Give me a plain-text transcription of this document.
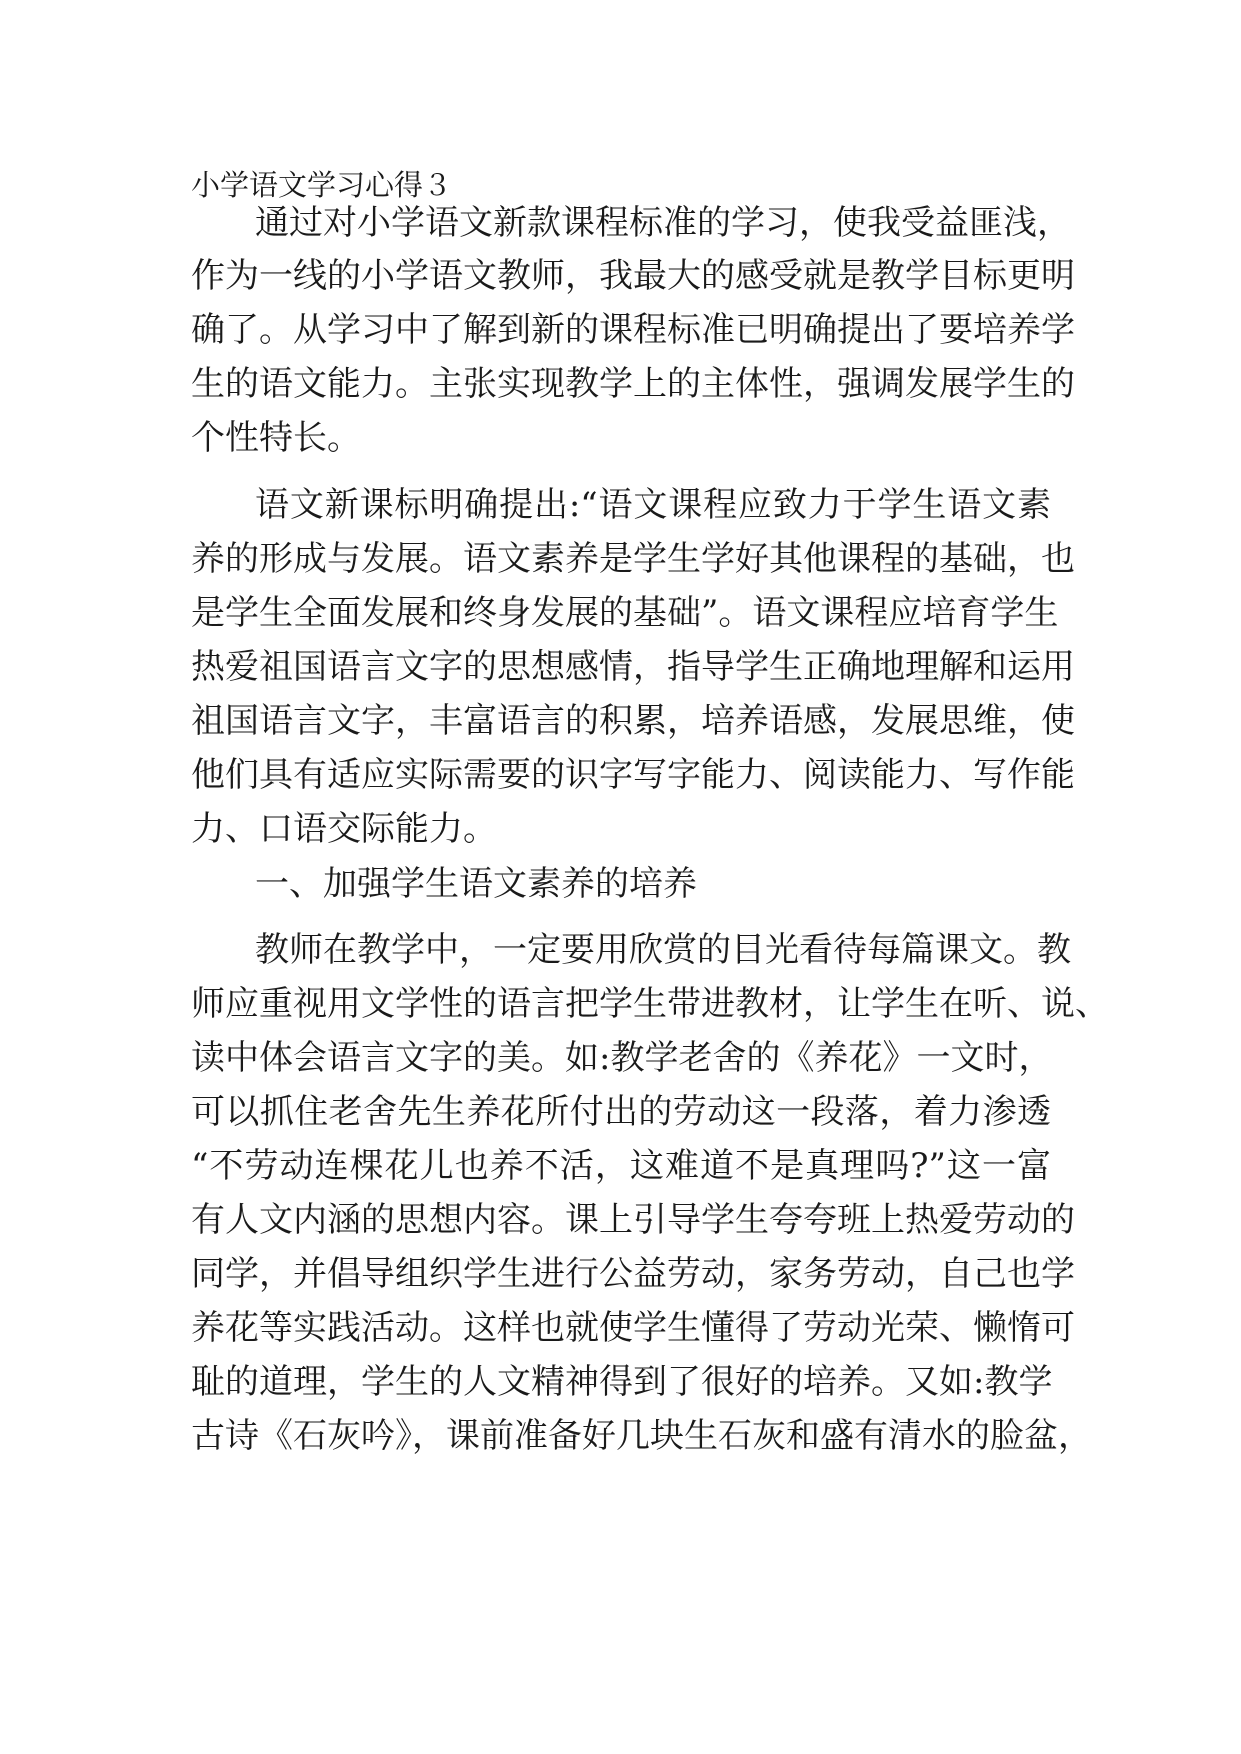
小学语文学习心得３
通过对小学语文新款课程标准的学习，使我受益匪浅，
作为一线的小学语文教师，我最大的感受就是教学目标更明
确了。从学习中了解到新的课程标准已明确提出了要培养学
生的语文能力。主张实现教学上的主体性，强调发展学生的
个性特长。
语文新课标明确提出:“语文课程应致力于学生语文素
养的形成与发展。语文素养是学生学好其他课程的基础，也
是学生全面发展和终身发展的基础”。语文课程应培育学生
热爱祖国语言文字的思想感情，指导学生正确地理解和运用
祖国语言文字，丰富语言的积累，培养语感，发展思维，使
他们具有适应实际需要的识字写字能力、阅读能力、写作能
力、口语交际能力。
一、加强学生语文素养的培养
教师在教学中，一定要用欣赏的目光看待每篇课文。教
师应重视用文学性的语言把学生带进教材，让学生在听、说、
读中体会语言文字的美。如:教学老舍的《养花》一文时，
可以抓住老舍先生养花所付出的劳动这一段落，着力渗透
“不劳动连棵花儿也养不活，这难道不是真理吗?”这一富
有人文内涵的思想内容。课上引导学生夸夸班上热爱劳动的
同学，并倡导组织学生进行公益劳动，家务劳动，自己也学
养花等实践活动。这样也就使学生懂得了劳动光荣、懒惰可
耻的道理，学生的人文精神得到了很好的培养。又如:教学
古诗《石灰吟》，课前准备好几块生石灰和盛有清水的脸盆，
